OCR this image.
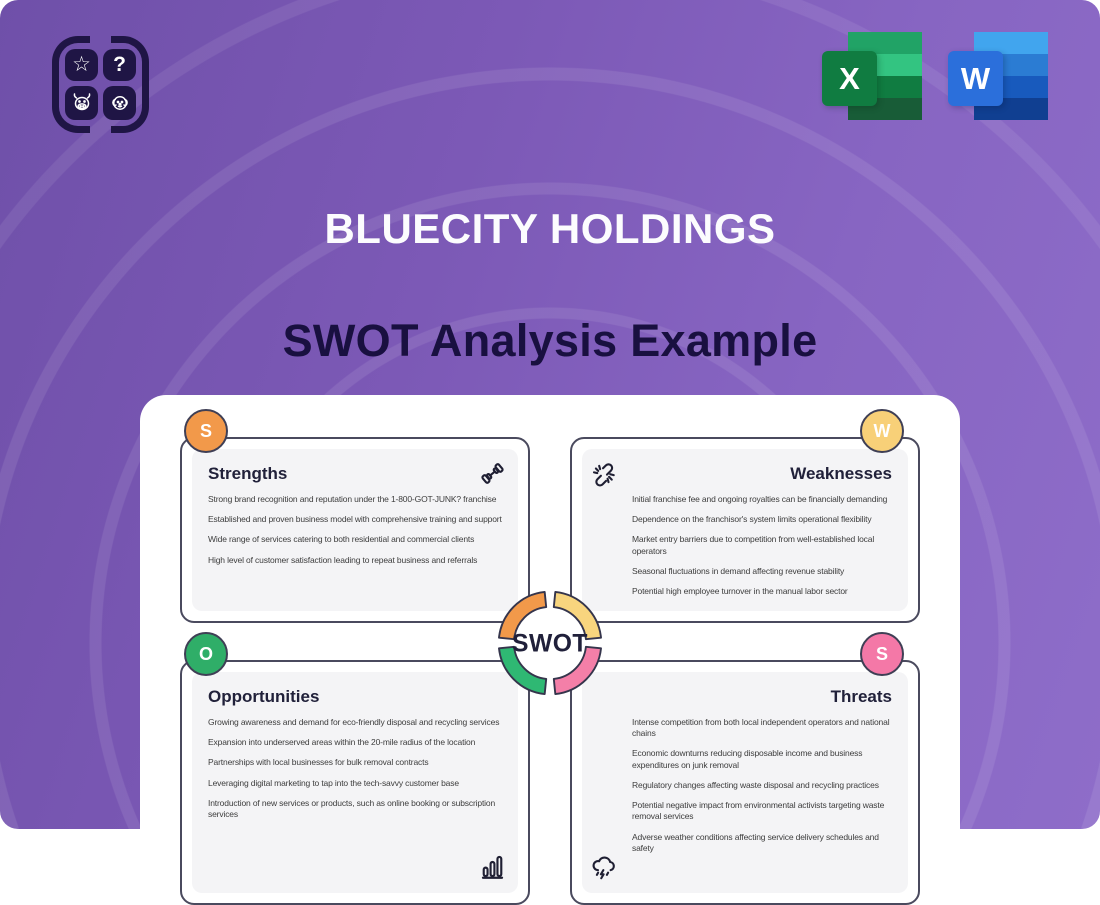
☆ ?	X	W
BLUECITY HOLDINGS
SWOT Analysis Example
S
Strengths

Strong brand recognition and reputation under the 1-800-GOT-JUNK? franchise

Established and proven business model with comprehensive training and support

Wide range of services catering to both residential and commercial clients

High level of customer satisfaction leading to repeat business and referrals

W
Weaknesses

Initial franchise fee and ongoing royalties can be financially demanding

Dependence on the franchisor's system limits operational flexibility

Market entry barriers due to competition from well-established local operators

Seasonal fluctuations in demand affecting revenue stability

Potential high employee turnover in the manual labor sector

O
Opportunities

Growing awareness and demand for eco-friendly disposal and recycling services

Expansion into underserved areas within the 20-mile radius of the location

Partnerships with local businesses for bulk removal contracts

Leveraging digital marketing to tap into the tech-savvy customer base

Introduction of new services or products, such as online booking or subscription services

S
Threats

Intense competition from both local independent operators and national chains

Economic downturns reducing disposable income and business expenditures on junk removal

Regulatory changes affecting waste disposal and recycling practices

Potential negative impact from environmental activists targeting waste removal services

Adverse weather conditions affecting service delivery schedules and safety

SWOT
